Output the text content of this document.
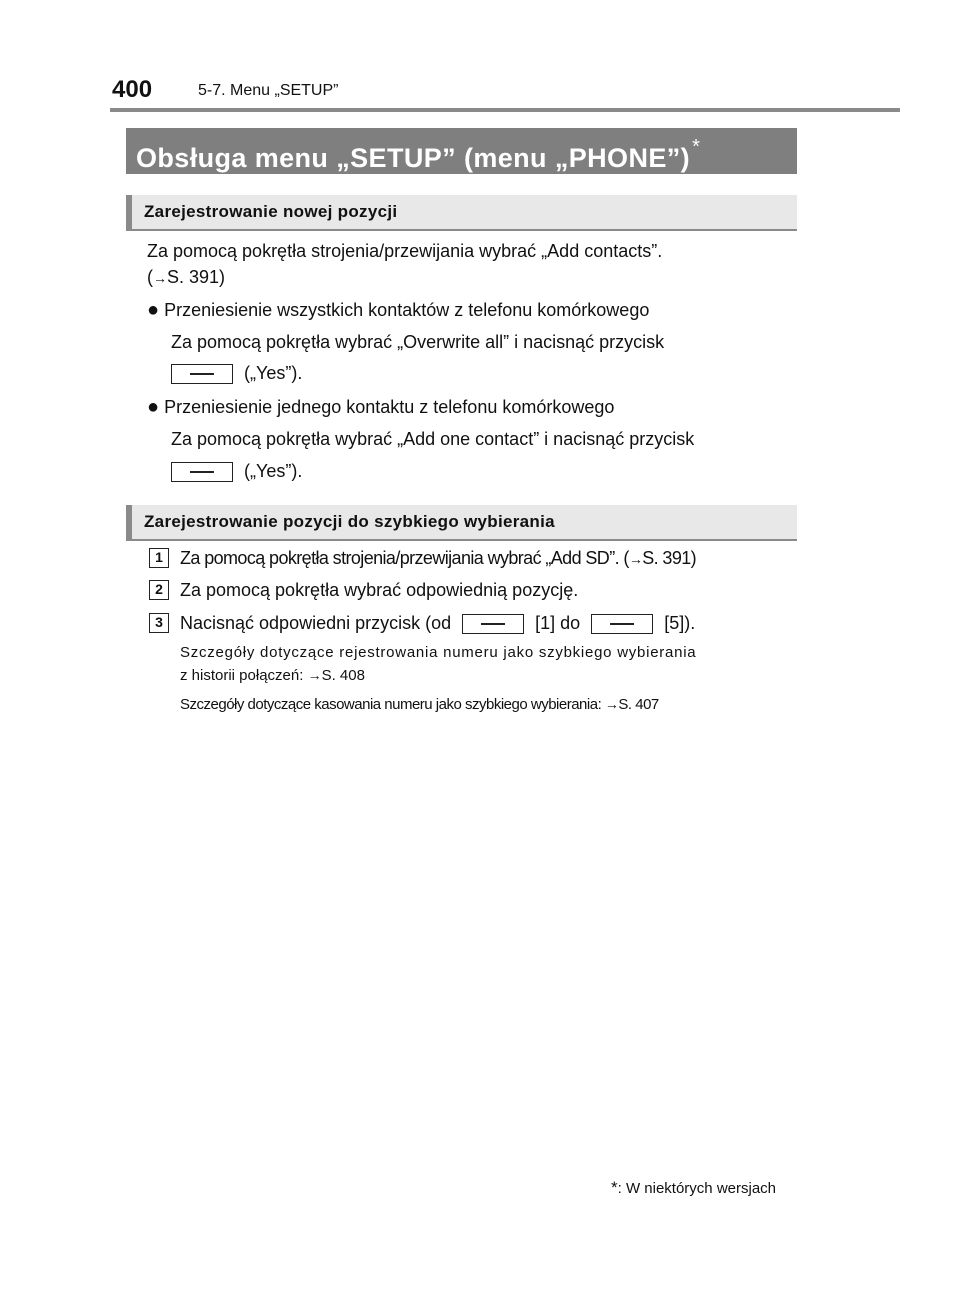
400	5-7. Menu „SETUP”
Obsługa menu „SETUP” (menu „PHONE”) *
Zarejestrowanie nowej pozycji
Za pomocą pokrętła strojenia/przewijania wybrać „Add contacts”.
(→S. 391)
● Przeniesienie wszystkich kontaktów z telefonu komórkowego
Za pomocą pokrętła wybrać „Overwrite all” i nacisnąć przycisk
(„Yes”).
● Przeniesienie jednego kontaktu z telefonu komórkowego
Za pomocą pokrętła wybrać „Add one contact” i nacisnąć przycisk
(„Yes”).
Zarejestrowanie pozycji do szybkiego wybierania
1 Za pomocą pokrętła strojenia/przewijania wybrać „Add SD”. (→S. 391)
2 Za pomocą pokrętła wybrać odpowiednią pozycję.
3 Nacisnąć odpowiedni przycisk (od	[1] do	[5]).
Szczegóły dotyczące rejestrowania numeru jako szybkiego wybierania
z historii połączeń: →S. 408
Szczegóły dotyczące kasowania numeru jako szybkiego wybierania: →S. 407
*: W niektórych wersjach
